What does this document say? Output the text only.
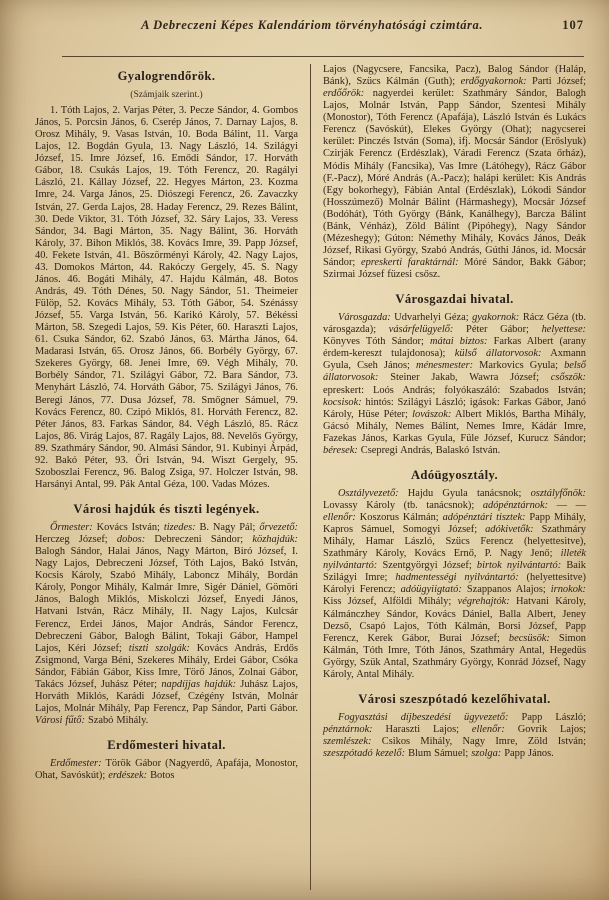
A Debreczeni Képes Kalendáriom törvényhatósági czimtára.	107
Gyalogrendőrök.
(Számjaik szerint.)

1. Tóth Lajos, 2. Varjas Péter, 3. Pecze Sándor, 4. Gombos János, 5. Porcsin János, 6. Cserép János, 7. Darnay Lajos, 8. Orosz Mihály, 9. Vasas István, 10. Boda Bálint, 11. Varga Lajos, 12. Bogdán Gyula, 13. Nagy László, 14. Szilágyi József, 15. Imre József, 16. Emődi Sándor, 17. Horváth Gábor, 18. Csukás Lajos, 19. Tóth Ferencz, 20. Ragályi László, 21. Kállay József, 22. Hegyes Márton, 23. Kozma Imre, 24. Varga János, 25. Diószegi Ferencz, 26. Zavaczky István, 27. Gerda Lajos, 28. Haday Ferencz, 29. Rezes Bálint, 30. Dede Viktor, 31. Tóth József, 32. Sáry Lajos, 33. Veress Sándor, 34. Bagi Márton, 35. Nagy Bálint, 36. Horváth Károly, 37. Bihon Miklós, 38. Kovács Imre, 39. Papp József, 40. Fekete István, 41. Böszörményi Károly, 42. Nagy Lajos, 43. Domokos Márton, 44. Rakóczy Gergely, 45. S. Nagy János. 46. Bogáti Mihály, 47. Hajdu Kálmán, 48. Botos András, 49. Tóth Dénes, 50. Nagy Sándor, 51. Theimeier Fülöp, 52. Kovács Mihály, 53. Tóth Gábor, 54. Szénássy József, 55. Varga István, 56. Karikó Károly, 57. Békéssi Márton, 58. Szegedi Lajos, 59. Kis Péter, 60. Haraszti Lajos, 61. Csuka Sándor, 62. Szabó János, 63. Mártha János, 64. Madarasi István, 65. Orosz János, 66. Borbély György, 67. Szekeres György, 68. Jenei Imre, 69. Végh Mihály, 70. Borbély Sándor, 71. Szilágyi Gábor, 72. Bara Sándor, 73. Menyhárt László, 74. Horváth Gábor, 75. Szilágyi János, 76. Beregi János, 77. Dusa József, 78. Smőgner Sámuel, 79. Kovács Ferencz, 80. Czipó Miklós, 81. Horváth Ferencz, 82. Péter János, 83. Farkas Sándor, 84. Végh László, 85. Rácz Lajos, 86. Virág Lajos, 87. Ragály Lajos, 88. Nevelős György, 89. Szathmáry Sándor, 90. Almási Sándor, 91. Kubinyi Árpád, 92. Bakó Péter, 93. Őri István, 94. Wiszt Gergely, 95. Szoboszlai Ferencz, 96. Balog Zsiga, 97. Holczer István, 98. Harsányi Antal, 99. Pák Antal Géza, 100. Vadas Mózes.

Városi hajdúk és tiszti legények.

Őrmester: Kovács István; tizedes: B. Nagy Pál; őrvezető: Herczeg József; dobos: Debreczeni Sándor; közhajdúk: Balogh Sándor, Halai János, Nagy Márton, Biró József, I. Nagy Lajos, Debreczeni József, Tóth Lajos, Bakó István, Kocsis Károly, Szabó Mihály, Laboncz Mihály, Bordán Károly, Pongor Mihály, Kalmár Imre, Sigér Dániel, Gömöri János, Balogh Miklós, Miskolczi József, Enyedi János, Hatvani István, Rácz Mihály, II. Nagy Lajos, Kulcsár Ferencz, Erdei János, Major András, Sándor Ferencz, Debreczeni Gábor, Balogh Bálint, Tokaji Gábor, Hampel Lajos, Kéri József; tiszti szolgák: Kovács András, Erdős Zsigmond, Varga Béni, Szekeres Mihály, Erdei Gábor, Csóka Sándor, Fábián Gábor, Kiss Imre, Törő János, Zolnai Gábor, Takács József, Juhász Péter; napdíjjas hajdúk: Juhász Lajos, Horváth Miklós, Karádi József, Czégény István, Molnár Lajos, Molnár Mihály, Pap Ferencz, Pap Sándor, Parti Gábor. Városi fűtő: Szabó Mihály.

Erdőmesteri hivatal.

Erdőmester: Török Gábor (Nagyerdő, Apafája, Monostor, Ohat, Savóskút); erdészek: Botos

Lajos (Nagycsere, Fancsika, Pacz), Balog Sándor (Haláp, Bánk), Szücs Kálmán (Guth); erdőgyakornok: Parti József; erdőőrök: nagyerdei kerület: Szathmáry Sándor, Balogh Lajos, Molnár István, Papp Sándor, Szentesi Mihály (Monostor), Tóth Ferencz (Apafája), László István és Lukács Ferencz (Savóskút), Elekes György (Ohat); nagycserei kerület: Pinczés István (Soma), ifj. Mocsár Sándor (Erőslyuk) Czirják Ferencz (Erdészlak), Váradi Ferencz (Szata őrház), Módis Mihály (Fancsika), Vas Imre (Látóhegy), Rácz Gábor (F.-Pacz), Móré András (A.-Pacz); halápi kerület: Kis András (Egy bokorhegy), Fábián Antal (Erdészlak), Lókodi Sándor (Hosszúmező) Molnár Bálint (Hármashegy), Mocsár József (Bodóhát), Tóth György (Bánk, Kanálhegy), Barcza Bálint (Bánk, Vénház), Zöld Bálint (Pipóhegy), Nagy Sándor (Mézeshegy); Gúton: Némethy Mihály, Kovács János, Deák József, Rikasi György, Szabó András, Gúthi János, id. Mocsár Sándor; epreskerti faraktárnál: Móré Sándor, Bakk Gábor; Szirmai József füzesi csősz.

Városgazdai hivatal.

Városgazda: Udvarhelyi Géza; gyakornok: Rácz Géza (tb. városgazda); vásárfelügyelő: Péter Gábor; helyettese: Könyves Tóth Sándor; mátai biztos: Farkas Albert (arany érdem-kereszt tulajdonosa); külső állatorvosok: Axmann Gyula, Cseh János; ménesmester: Markovics Gyula; belső állatorvosok: Steiner Jakab, Wawra József; csőszök: epreskert: Loós András; folyókaszáló: Szabados István; kocsisok: hintós: Szilágyi László; igások: Farkas Gábor, Janó Károly, Hüse Péter; lovászok: Albert Miklós, Bartha Mihály, Gácsó Mihály, Nemes Bálint, Nemes Imre, Kádár Imre, Fazekas János, Karkas Gyula, Füle József, Kurucz Sándor; béresek: Csepregi András, Balaskó István.

Adóügyosztály.

Osztályvezető: Hajdu Gyula tanácsnok; osztályfőnök: Lovassy Károly (tb. tanácsnok); adópénztárnok: — — ellenőr: Koszorus Kálmán; adópénztári tisztek: Papp Mihály, Kapros Sámuel, Somogyi József; adókivetők: Szathmáry Mihály, Hamar László, Szücs Ferencz (helyettesitve), Szathmáry Károly, Kovács Ernő, P. Nagy Jenő; illeték nyilvántartó: Szentgyörgyi József; birtok nyilvántartó: Baik Szilágyi Imre; hadmentességi nyilvántartó: (helyettesitve) Károlyi Ferencz; adóügyiigtató: Szappanos Alajos; irnokok: Kiss József, Alföldi Mihály; végrehajtók: Hatvani Károly, Kálmánczhey Sándor, Kovács Dániel, Balla Albert, Jeney Dezső, Csapó Lajos, Tóth Kálmán, Borsi József, Papp Ferencz, Kerek Gábor, Burai József; becsüsök: Simon Kálmán, Tóth Imre, Tóth János, Szathmáry Antal, Hegedüs György, Szük Antal, Szathmáry György, Konrád József, Nagy Károly, Antal Mihály.

Városi szeszpótadó kezelőhivatal.

Fogyasztási díjbeszedési ügyvezető: Papp László; pénztárnok: Haraszti Lajos; ellenőr: Govrik Lajos; szemlészek: Csikos Mihály, Nagy Imre, Zöld István; szeszpótadó kezelő: Blum Sámuel; szolga: Papp János.
